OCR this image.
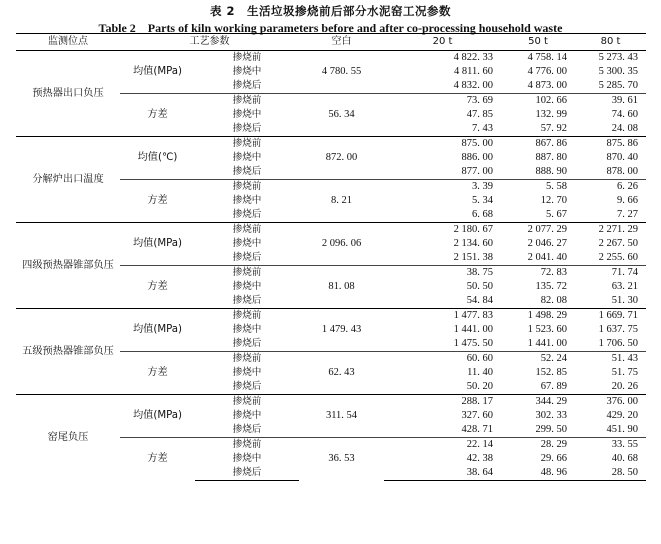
表 2　生活垃圾掺烧前后部分水泥窑工况参数
Table 2　Parts of kiln working parameters before and after co-processing household waste
监测位点	工艺参数		空白	20 t	50 t	80 t
预热器出口负压	均值(MPa)	掺烧前	4 780. 55	4 822. 33	4 758. 14	5 273. 43
		掺烧中		4 811. 60	4 776. 00	5 300. 35
		掺烧后		4 832. 00	4 873. 00	5 285. 70
	方差	掺烧前	56. 34	73. 69	102. 66	39. 61
		掺烧中		47. 85	132. 99	74. 60
		掺烧后		7. 43	57. 92	24. 08
分解炉出口温度	均值(℃)	掺烧前	872. 00	875. 00	867. 86	875. 86
		掺烧中		886. 00	887. 80	870. 40
		掺烧后		877. 00	888. 90	878. 00
	方差	掺烧前	8. 21	3. 39	5. 58	6. 26
		掺烧中		5. 34	12. 70	9. 66
		掺烧后		6. 68	5. 67	7. 27
四级预热器锥部负压	均值(MPa)	掺烧前	2 096. 06	2 180. 67	2 077. 29	2 271. 29
		掺烧中		2 134. 60	2 046. 27	2 267. 50
		掺烧后		2 151. 38	2 041. 40	2 255. 60
	方差	掺烧前	81. 08	38. 75	72. 83	71. 74
		掺烧中		50. 50	135. 72	63. 21
		掺烧后		54. 84	82. 08	51. 30
五级预热器锥部负压	均值(MPa)	掺烧前	1 479. 43	1 477. 83	1 498. 29	1 669. 71
		掺烧中		1 441. 00	1 523. 60	1 637. 75
		掺烧后		1 475. 50	1 441. 00	1 706. 50
	方差	掺烧前	62. 43	60. 60	52. 24	51. 43
		掺烧中		11. 40	152. 85	51. 75
		掺烧后		50. 20	67. 89	20. 26
窑尾负压	均值(MPa)	掺烧前	311. 54	288. 17	344. 29	376. 00
		掺烧中		327. 60	302. 33	429. 20
		掺烧后		428. 71	299. 50	451. 90
	方差	掺烧前	36. 53	22. 14	28. 29	33. 55
		掺烧中		42. 38	29. 66	40. 68
		掺烧后		38. 64	48. 96	28. 50
